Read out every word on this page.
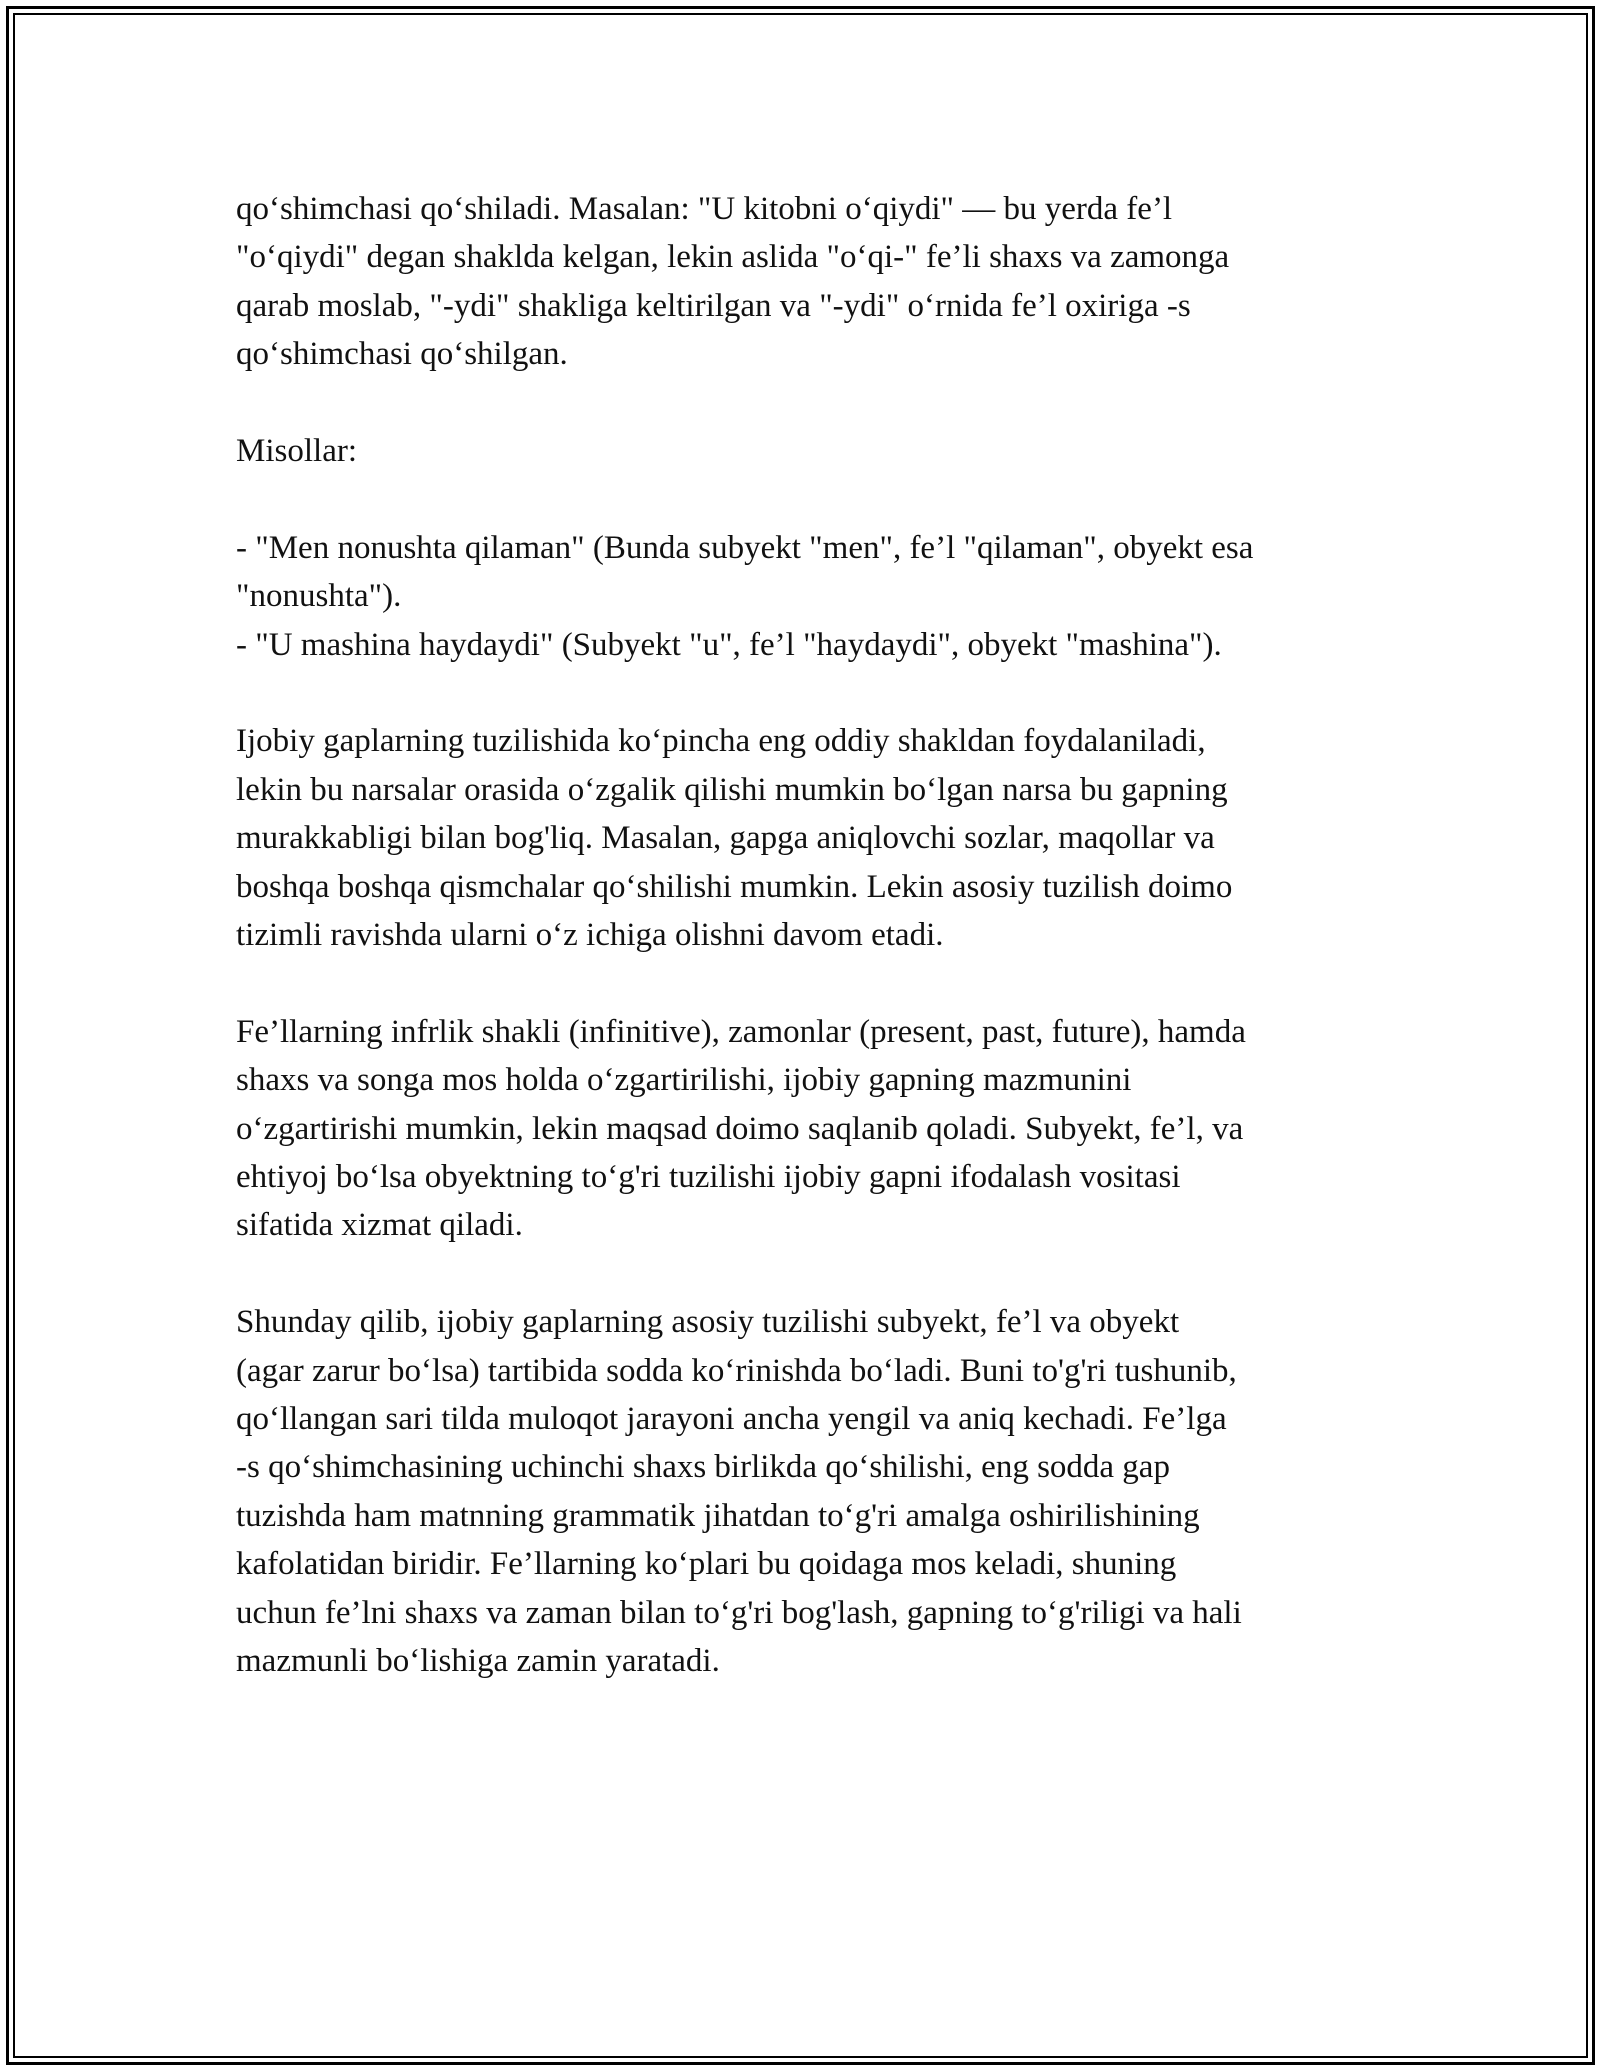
qo‘shimchasi qo‘shiladi. Masalan: "U kitobni o‘qiydi" — bu yerda fe’l
"o‘qiydi" degan shaklda kelgan, lekin aslida "o‘qi-" fe’li shaxs va zamonga
qarab moslab, "-ydi" shakliga keltirilgan va "-ydi" o‘rnida fe’l oxiriga -s
qo‘shimchasi qo‘shilgan.

Misollar:

- "Men nonushta qilaman" (Bunda subyekt "men", fe’l "qilaman", obyekt esa
"nonushta").
- "U mashina haydaydi" (Subyekt "u", fe’l "haydaydi", obyekt "mashina").

Ijobiy gaplarning tuzilishida ko‘pincha eng oddiy shakldan foydalaniladi,
lekin bu narsalar orasida o‘zgalik qilishi mumkin bo‘lgan narsa bu gapning
murakkabligi bilan bog'liq. Masalan, gapga aniqlovchi sozlar, maqollar va
boshqa boshqa qismchalar qo‘shilishi mumkin. Lekin asosiy tuzilish doimo
tizimli ravishda ularni o‘z ichiga olishni davom etadi.

Fe’llarning infrlik shakli (infinitive), zamonlar (present, past, future), hamda
shaxs va songa mos holda o‘zgartirilishi, ijobiy gapning mazmunini
o‘zgartirishi mumkin, lekin maqsad doimo saqlanib qoladi. Subyekt, fe’l, va
ehtiyoj bo‘lsa obyektning to‘g'ri tuzilishi ijobiy gapni ifodalash vositasi
sifatida xizmat qiladi.

Shunday qilib, ijobiy gaplarning asosiy tuzilishi subyekt, fe’l va obyekt
(agar zarur bo‘lsa) tartibida sodda ko‘rinishda bo‘ladi. Buni to'g'ri tushunib,
qo‘llangan sari tilda muloqot jarayoni ancha yengil va aniq kechadi. Fe’lga
-s qo‘shimchasining uchinchi shaxs birlikda qo‘shilishi, eng sodda gap
tuzishda ham matnning grammatik jihatdan to‘g'ri amalga oshirilishining
kafolatidan biridir. Fe’llarning ko‘plari bu qoidaga mos keladi, shuning
uchun fe’lni shaxs va zaman bilan to‘g'ri bog'lash, gapning to‘g'riligi va hali
mazmunli bo‘lishiga zamin yaratadi.
